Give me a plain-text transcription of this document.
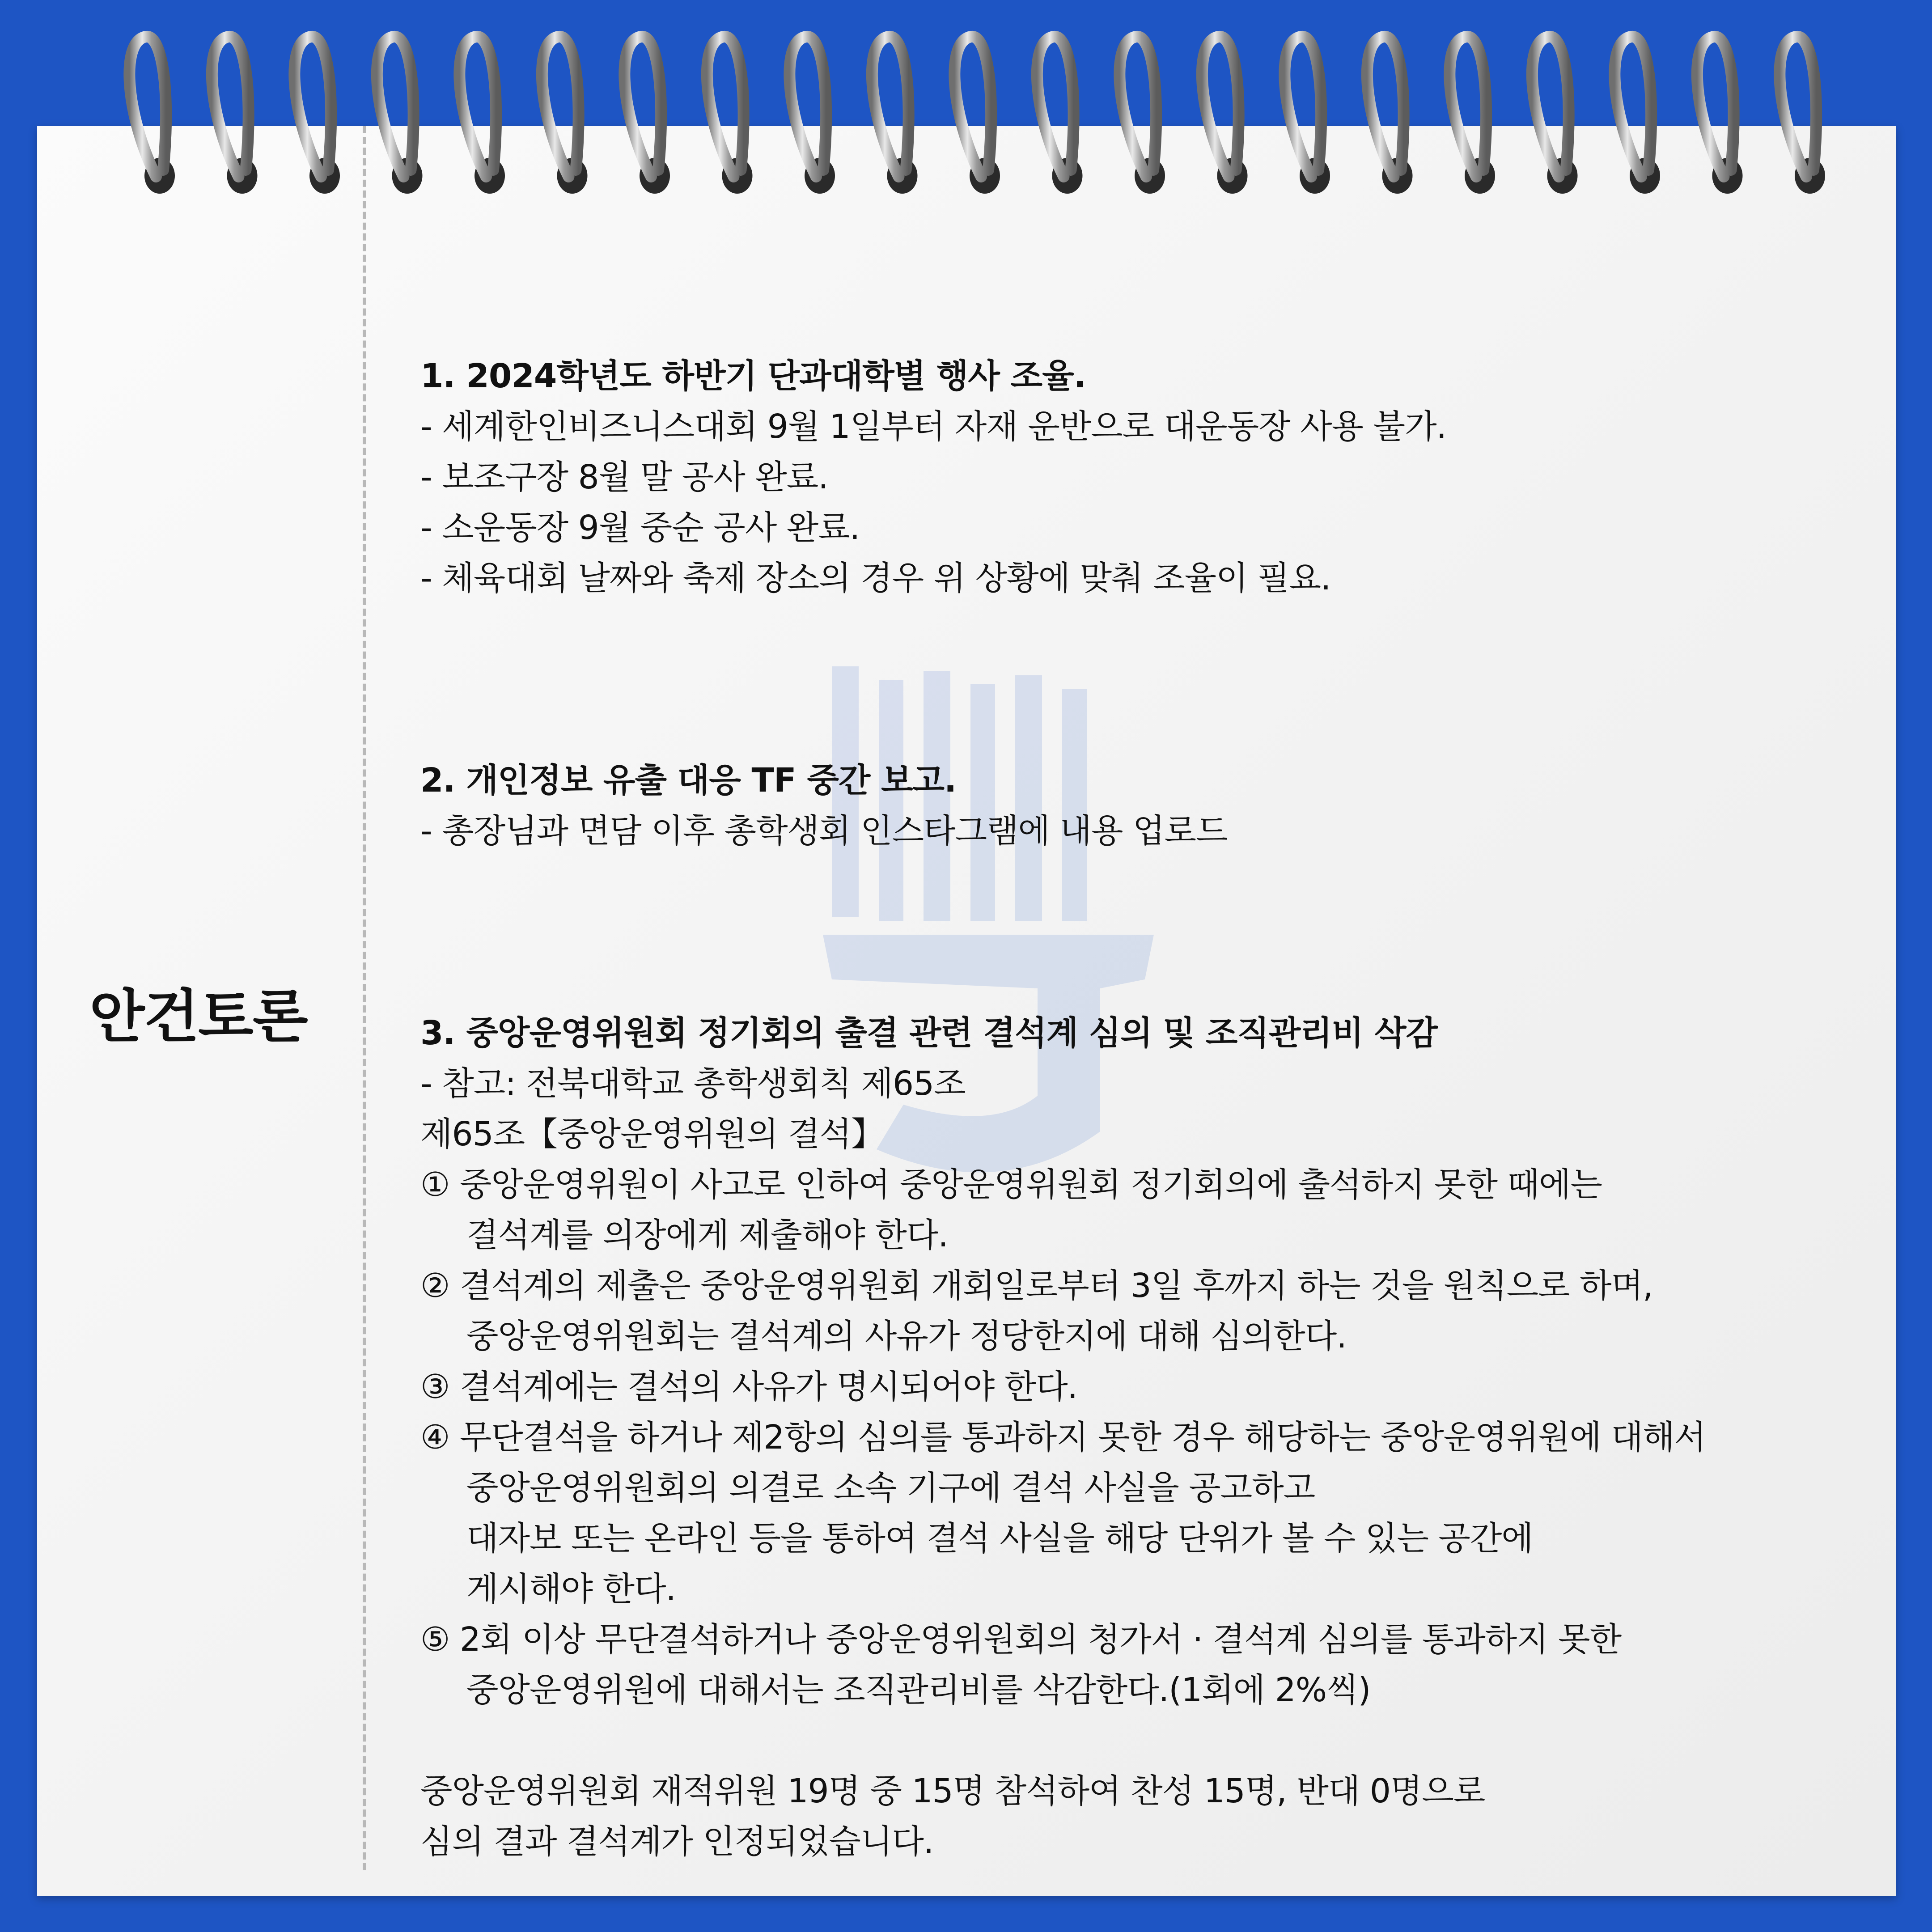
안건토론
1. 2024학년도 하반기 단과대학별 행사 조율.
- 세계한인비즈니스대회 9월 1일부터 자재 운반으로 대운동장 사용 불가.
- 보조구장 8월 말 공사 완료.
- 소운동장 9월 중순 공사 완료.
- 체육대회 날짜와 축제 장소의 경우 위 상황에 맞춰 조율이 필요.
2. 개인정보 유출 대응 TF 중간 보고.
- 총장님과 면담 이후 총학생회 인스타그램에 내용 업로드
3. 중앙운영위원회 정기회의 출결 관련 결석계 심의 및 조직관리비 삭감
- 참고: 전북대학교 총학생회칙 제65조
제65조【중앙운영위원의 결석】
① 중앙운영위원이 사고로 인하여 중앙운영위원회 정기회의에 출석하지 못한 때에는
결석계를 의장에게 제출해야 한다.
② 결석계의 제출은 중앙운영위원회 개회일로부터 3일 후까지 하는 것을 원칙으로 하며,
중앙운영위원회는 결석계의 사유가 정당한지에 대해 심의한다.
③ 결석계에는 결석의 사유가 명시되어야 한다.
④ 무단결석을 하거나 제2항의 심의를 통과하지 못한 경우 해당하는 중앙운영위원에 대해서
중앙운영위원회의 의결로 소속 기구에 결석 사실을 공고하고
대자보 또는 온라인 등을 통하여 결석 사실을 해당 단위가 볼 수 있는 공간에
게시해야 한다.
⑤ 2회 이상 무단결석하거나 중앙운영위원회의 청가서 · 결석계 심의를 통과하지 못한
중앙운영위원에 대해서는 조직관리비를 삭감한다.(1회에 2%씩)
중앙운영위원회 재적위원 19명 중 15명 참석하여 찬성 15명, 반대 0명으로
심의 결과 결석계가 인정되었습니다.
